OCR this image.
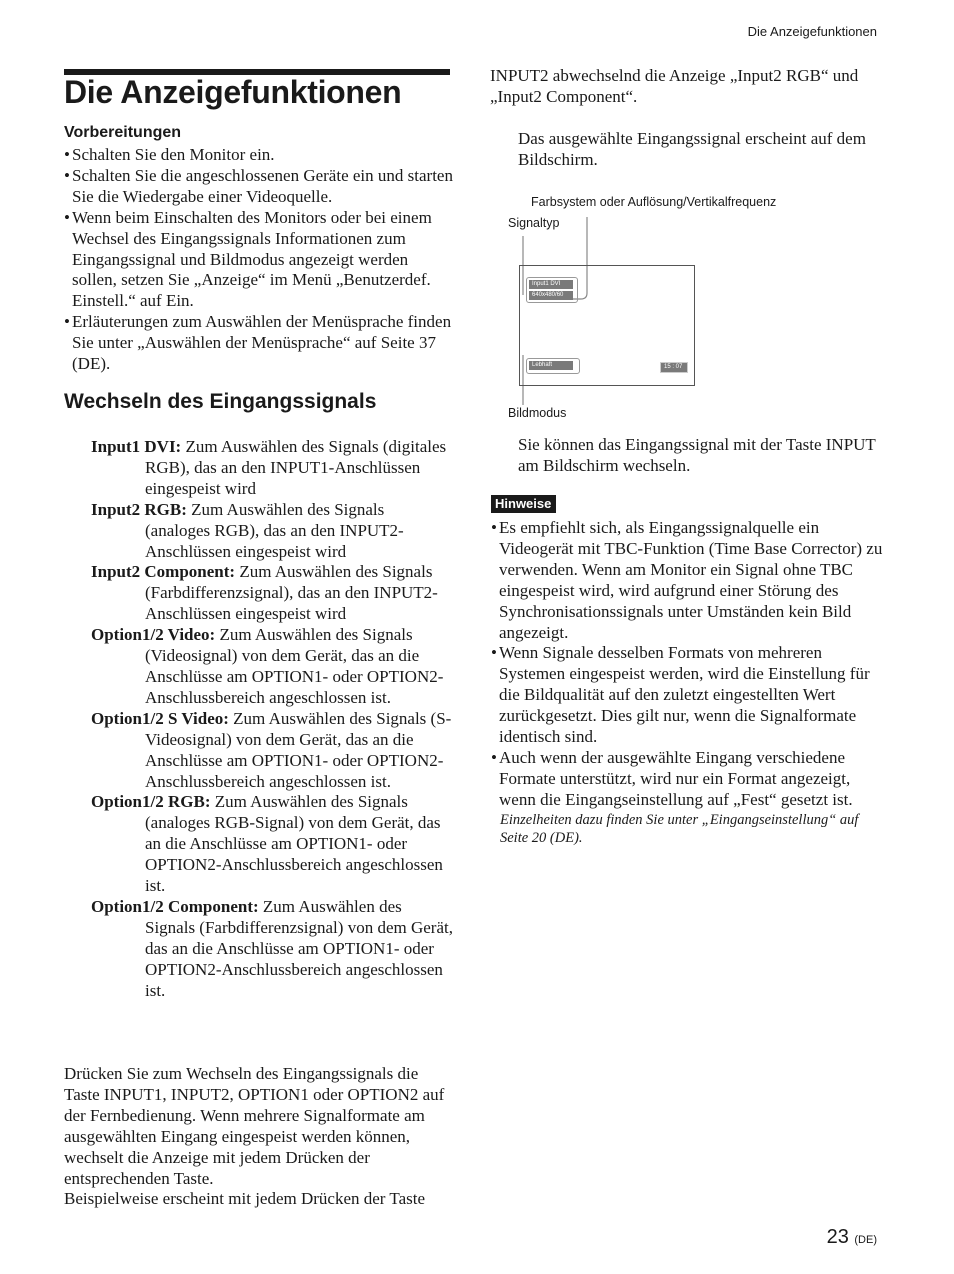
Die Anzeigefunktionen
Die Anzeigefunktionen
Vorbereitungen
• Schalten Sie den Monitor ein.
• Schalten Sie die angeschlossenen Geräte ein und starten Sie die Wiedergabe einer Videoquelle.
• Wenn beim Einschalten des Monitors oder bei einem Wechsel des Eingangssignals Informationen zum Eingangssignal und Bildmodus angezeigt werden sollen, setzen Sie „Anzeige“ im Menü „Benutzerdef. Einstell.“ auf Ein.
• Erläuterungen zum Auswählen der Menüsprache finden Sie unter „Auswählen der Menüsprache“ auf Seite 37 (DE).
Wechseln des Eingangssignals
Input1 DVI: Zum Auswählen des Signals (digitales RGB), das an den INPUT1-Anschlüssen eingespeist wird
Input2 RGB: Zum Auswählen des Signals (analoges RGB), das an den INPUT2-Anschlüssen eingespeist wird
Input2 Component: Zum Auswählen des Signals (Farbdifferenzsignal), das an den INPUT2-Anschlüssen eingespeist wird
Option1/2 Video: Zum Auswählen des Signals (Videosignal) von dem Gerät, das an die Anschlüsse am OPTION1- oder OPTION2-Anschlussbereich angeschlossen ist.
Option1/2 S Video: Zum Auswählen des Signals (S-Videosignal) von dem Gerät, das an die Anschlüsse am OPTION1- oder OPTION2-Anschlussbereich angeschlossen ist.
Option1/2 RGB: Zum Auswählen des Signals (analoges RGB-Signal) von dem Gerät, das an die Anschlüsse am OPTION1- oder OPTION2-Anschlussbereich angeschlossen ist.
Option1/2 Component: Zum Auswählen des Signals (Farbdifferenzsignal) von dem Gerät, das an die Anschlüsse am OPTION1- oder OPTION2-Anschlussbereich angeschlossen ist.
Drücken Sie zum Wechseln des Eingangssignals die Taste INPUT1, INPUT2, OPTION1 oder OPTION2 auf der Fernbedienung. Wenn mehrere Signalformate am ausgewählten Eingang eingespeist werden können, wechselt die Anzeige mit jedem Drücken der entsprechenden Taste.
Beispielweise erscheint mit jedem Drücken der Taste
INPUT2 abwechselnd die Anzeige „Input2 RGB“ und „Input2 Component“.
Das ausgewählte Eingangssignal erscheint auf dem Bildschirm.
Farbsystem oder Auflösung/Vertikalfrequenz
Signaltyp
Input1 DVI
640x480/60
Lebhaft	15 : 07
Bildmodus
Sie können das Eingangssignal mit der Taste INPUT am Bildschirm wechseln.
Hinweise
• Es empfiehlt sich, als Eingangssignalquelle ein Videogerät mit TBC-Funktion (Time Base Corrector) zu verwenden. Wenn am Monitor ein Signal ohne TBC eingespeist wird, wird aufgrund einer Störung des Synchronisationssignals unter Umständen kein Bild angezeigt.
• Wenn Signale desselben Formats von mehreren Systemen eingespeist werden, wird die Einstellung für die Bildqualität auf den zuletzt eingestellten Wert zurückgesetzt. Dies gilt nur, wenn die Signalformate identisch sind.
• Auch wenn der ausgewählte Eingang verschiedene Formate unterstützt, wird nur ein Format angezeigt, wenn die Eingangseinstellung auf „Fest“ gesetzt ist.
Einzelheiten dazu finden Sie unter „Eingangseinstellung“ auf Seite 20 (DE).
23 (DE)
